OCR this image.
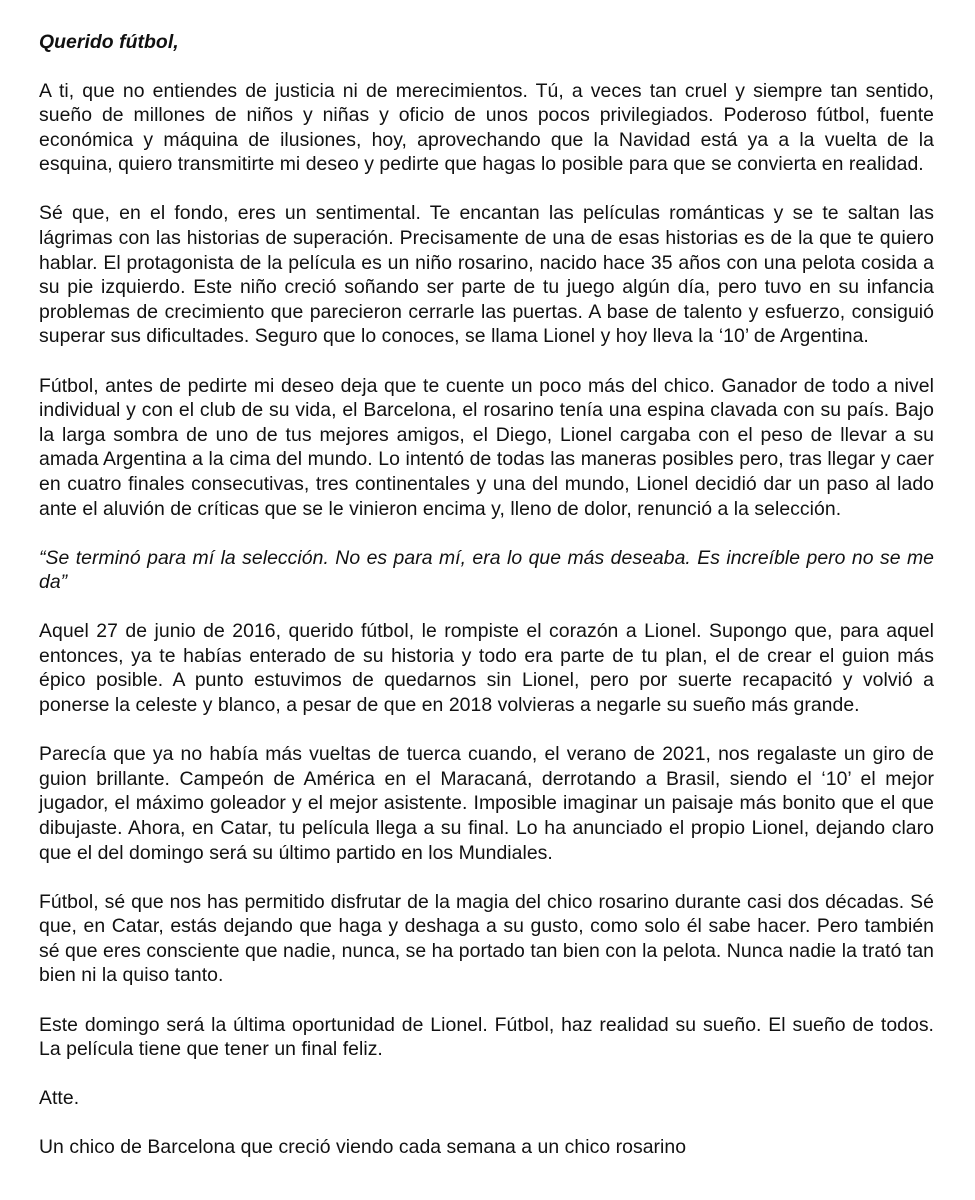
Querido fútbol,

A ti, que no entiendes de justicia ni de merecimientos. Tú, a veces tan cruel y siempre tan sentido, sueño de millones de niños y niñas y oficio de unos pocos privilegiados. Poderoso fútbol, fuente económica y máquina de ilusiones, hoy, aprovechando que la Navidad está ya a la vuelta de la esquina, quiero transmitirte mi deseo y pedirte que hagas lo posible para que se convierta en realidad.

Sé que, en el fondo, eres un sentimental. Te encantan las películas románticas y se te saltan las lágrimas con las historias de superación. Precisamente de una de esas historias es de la que te quiero hablar. El protagonista de la película es un niño rosarino, nacido hace 35 años con una pelota cosida a su pie izquierdo. Este niño creció soñando ser parte de tu juego algún día, pero tuvo en su infancia problemas de crecimiento que parecieron cerrarle las puertas. A base de talento y esfuerzo, consiguió superar sus dificultades. Seguro que lo conoces, se llama Lionel y hoy lleva la ‘10’ de Argentina.

Fútbol, antes de pedirte mi deseo deja que te cuente un poco más del chico. Ganador de todo a nivel individual y con el club de su vida, el Barcelona, el rosarino tenía una espina clavada con su país. Bajo la larga sombra de uno de tus mejores amigos, el Diego, Lionel cargaba con el peso de llevar a su amada Argentina a la cima del mundo. Lo intentó de todas las maneras posibles pero, tras llegar y caer en cuatro finales consecutivas, tres continentales y una del mundo, Lionel decidió dar un paso al lado ante el aluvión de críticas que se le vinieron encima y, lleno de dolor, renunció a la selección.

“Se terminó para mí la selección. No es para mí, era lo que más deseaba. Es increíble pero no se me da”

Aquel 27 de junio de 2016, querido fútbol, le rompiste el corazón a Lionel. Supongo que, para aquel entonces, ya te habías enterado de su historia y todo era parte de tu plan, el de crear el guion más épico posible. A punto estuvimos de quedarnos sin Lionel, pero por suerte recapacitó y volvió a ponerse la celeste y blanco, a pesar de que en 2018 volvieras a negarle su sueño más grande.

Parecía que ya no había más vueltas de tuerca cuando, el verano de 2021, nos regalaste un giro de guion brillante. Campeón de América en el Maracaná, derrotando a Brasil, siendo el ‘10’ el mejor jugador, el máximo goleador y el mejor asistente. Imposible imaginar un paisaje más bonito que el que dibujaste. Ahora, en Catar, tu película llega a su final. Lo ha anunciado el propio Lionel, dejando claro que el del domingo será su último partido en los Mundiales.

Fútbol, sé que nos has permitido disfrutar de la magia del chico rosarino durante casi dos décadas. Sé que, en Catar, estás dejando que haga y deshaga a su gusto, como solo él sabe hacer. Pero también sé que eres consciente que nadie, nunca, se ha portado tan bien con la pelota. Nunca nadie la trató tan bien ni la quiso tanto.

Este domingo será la última oportunidad de Lionel. Fútbol, haz realidad su sueño. El sueño de todos. La película tiene que tener un final feliz.

Atte.

Un chico de Barcelona que creció viendo cada semana a un chico rosarino
